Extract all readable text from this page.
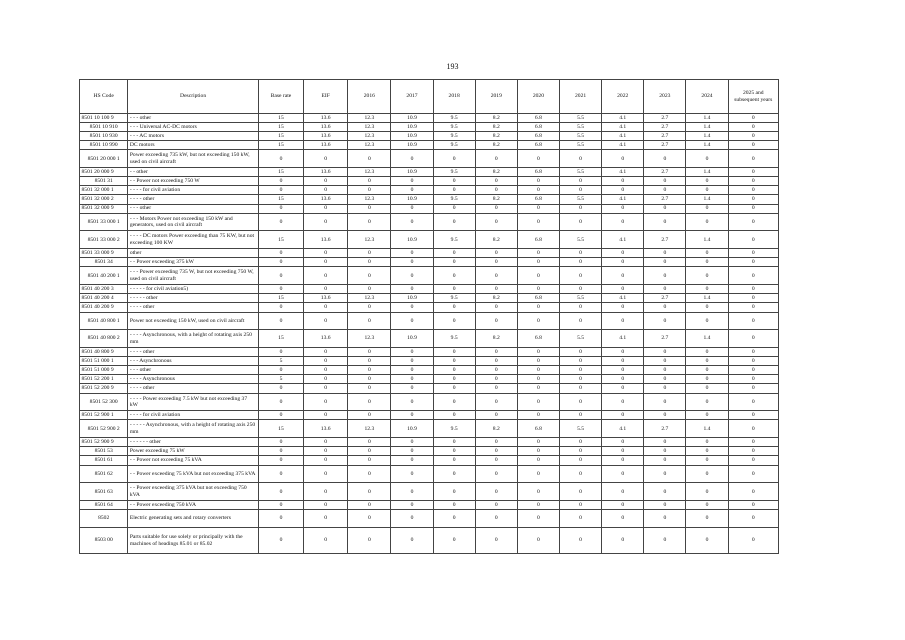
193
HS Code	Description	Base rate	EIF	2016	2017	2018	2019	2020	2021	2022	2023	2024	2025 and subsequent years
8501 10 100 9	- - - other	15	13.6	12.3	10.9	9.5	8.2	6.8	5.5	4.1	2.7	1.4	0
8501 10 910	- - - Universal AC-DC motors	15	13.6	12.3	10.9	9.5	8.2	6.8	5.5	4.1	2.7	1.4	0
8501 10 930	- - - AC motors	15	13.6	12.3	10.9	9.5	8.2	6.8	5.5	4.1	2.7	1.4	0
8501 10 990	DC motors	15	13.6	12.3	10.9	9.5	8.2	6.8	5.5	4.1	2.7	1.4	0
8501 20 000 1	Power exceeding 735 kW, but not exceeding 150 kW, used on civil aircraft	0	0	0	0	0	0	0	0	0	0	0	0
8501 20 000 9	- - other	15	13.6	12.3	10.9	9.5	8.2	6.8	5.5	4.1	2.7	1.4	0
8501 31	- - Power not exceeding 750 W	0	0	0	0	0	0	0	0	0	0	0	0
8501 32 000 1	- - - - for civil aviation	0	0	0	0	0	0	0	0	0	0	0	0
8501 32 000 2	- - - - other	15	13.6	12.3	10.9	9.5	8.2	6.8	5.5	4.1	2.7	1.4	0
8501 32 000 9	- - - other	0	0	0	0	0	0	0	0	0	0	0	0
8501 33 000 1	- - - Motors Power not exceeding 150 kW and generators, used on civil aircraft	0	0	0	0	0	0	0	0	0	0	0	0
8501 33 000 2	- - - - DC motors Power exceeding than 75 KW, but not exceeding 100 KW	15	13.6	12.3	10.9	9.5	8.2	6.8	5.5	4.1	2.7	1.4	0
8501 33 000 9	other	0	0	0	0	0	0	0	0	0	0	0	0
8501 34	- - Power exceeding 375 kW	0	0	0	0	0	0	0	0	0	0	0	0
8501 40 200 1	- - - Power exceeding 735 W, but not exceeding 750 W, used on civil aircraft	0	0	0	0	0	0	0	0	0	0	0	0
8501 40 200 3	- - - - - for civil aviation5)	0	0	0	0	0	0	0	0	0	0	0	0
8501 40 200 4	- - - - - other	15	13.6	12.3	10.9	9.5	8.2	6.8	5.5	4.1	2.7	1.4	0
8501 40 200 9	- - - - other	0	0	0	0	0	0	0	0	0	0	0	0
8501 40 800 1	Power not exceeding 150 kW, used on civil aircraft	0	0	0	0	0	0	0	0	0	0	0	0
8501 40 800 2	- - - - Asynchronous, with a height of rotating axis 250 mm	15	13.6	12.3	10.9	9.5	8.2	6.8	5.5	4.1	2.7	1.4	0
8501 40 800 9	- - - - other	0	0	0	0	0	0	0	0	0	0	0	0
8501 51 000 1	- - - Asynchronous	5	0	0	0	0	0	0	0	0	0	0	0
8501 51 000 9	- - - other	0	0	0	0	0	0	0	0	0	0	0	0
8501 52 200 1	- - - - Asynchronous	5	0	0	0	0	0	0	0	0	0	0	0
8501 52 200 9	- - - - other	0	0	0	0	0	0	0	0	0	0	0	0
8501 52 300	- - - - Power exceeding 7.5 kW but not exceeding 37 kW	0	0	0	0	0	0	0	0	0	0	0	0
8501 52 900 1	- - - - for civil aviation	0	0	0	0	0	0	0	0	0	0	0	0
8501 52 900 2	- - - - - Asynchronous, with a height of rotating axis 250 mm	15	13.6	12.3	10.9	9.5	8.2	6.8	5.5	4.1	2.7	1.4	0
8501 52 900 9	- - - - - - other	0	0	0	0	0	0	0	0	0	0	0	0
8501 53	Power exceeding 75 kW	0	0	0	0	0	0	0	0	0	0	0	0
8501 61	- - Power not exceeding 75 kVA	0	0	0	0	0	0	0	0	0	0	0	0
8501 62	- - Power exceeding 75 kVA but not exceeding 375 kVA	0	0	0	0	0	0	0	0	0	0	0	0
8501 63	- - Power exceeding 375 kVA but not exceeding 750 kVA	0	0	0	0	0	0	0	0	0	0	0	0
8501 64	- - Power exceeding 750 kVA	0	0	0	0	0	0	0	0	0	0	0	0
8502	Electric generating sets and rotary converters	0	0	0	0	0	0	0	0	0	0	0	0
8503 00	Parts suitable for use solely or principally with the machines of headings 85.01 or 85.02	0	0	0	0	0	0	0	0	0	0	0	0
